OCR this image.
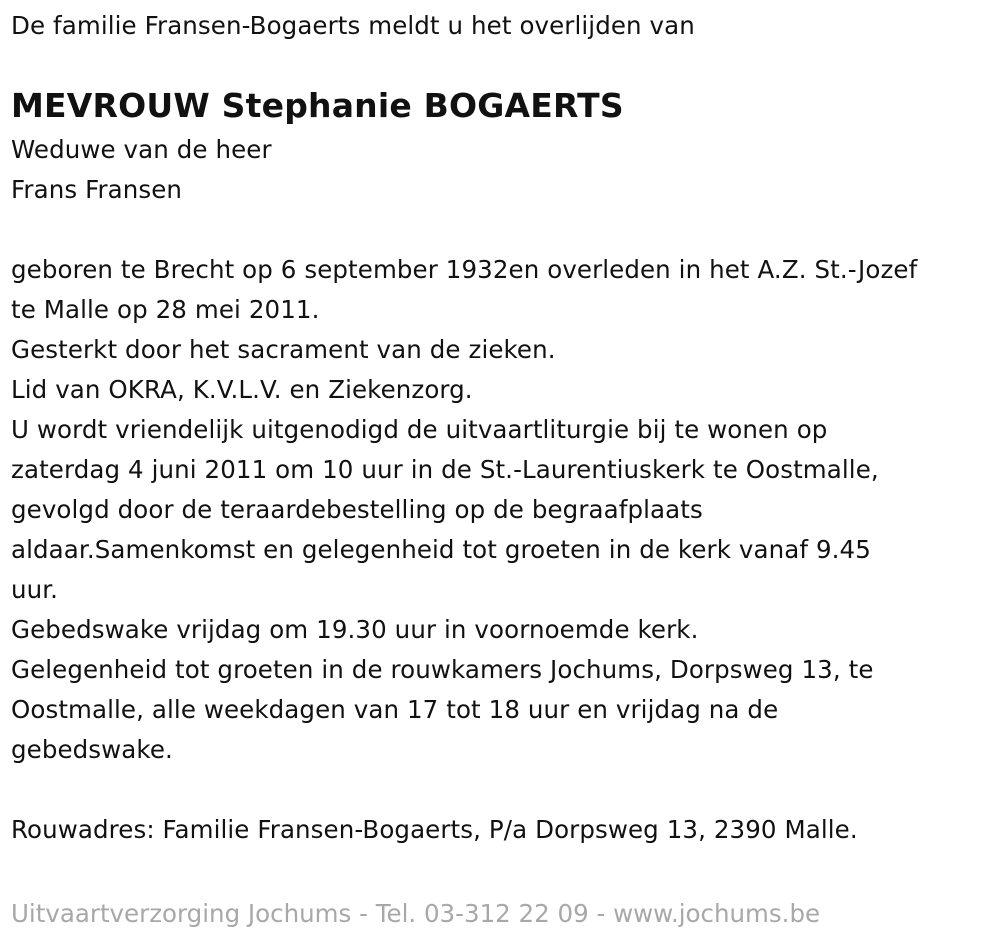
De familie Fransen-Bogaerts meldt u het overlijden van
MEVROUW Stephanie BOGAERTS
Weduwe van de heer
Frans Fransen
geboren te Brecht op 6 september 1932en overleden in het A.Z. St.-Jozef
te Malle op 28 mei 2011.
Gesterkt door het sacrament van de zieken.
Lid van OKRA, K.V.L.V. en Ziekenzorg.
U wordt vriendelijk uitgenodigd de uitvaartliturgie bij te wonen op
zaterdag 4 juni 2011 om 10 uur in de St.-Laurentiuskerk te Oostmalle,
gevolgd door de teraardebestelling op de begraafplaats
aldaar.Samenkomst en gelegenheid tot groeten in de kerk vanaf 9.45
uur.
Gebedswake vrijdag om 19.30 uur in voornoemde kerk.
Gelegenheid tot groeten in de rouwkamers Jochums, Dorpsweg 13, te
Oostmalle, alle weekdagen van 17 tot 18 uur en vrijdag na de
gebedswake.
Rouwadres: Familie Fransen-Bogaerts, P/a Dorpsweg 13, 2390 Malle.
Uitvaartverzorging Jochums - Tel. 03-312 22 09 - www.jochums.be
